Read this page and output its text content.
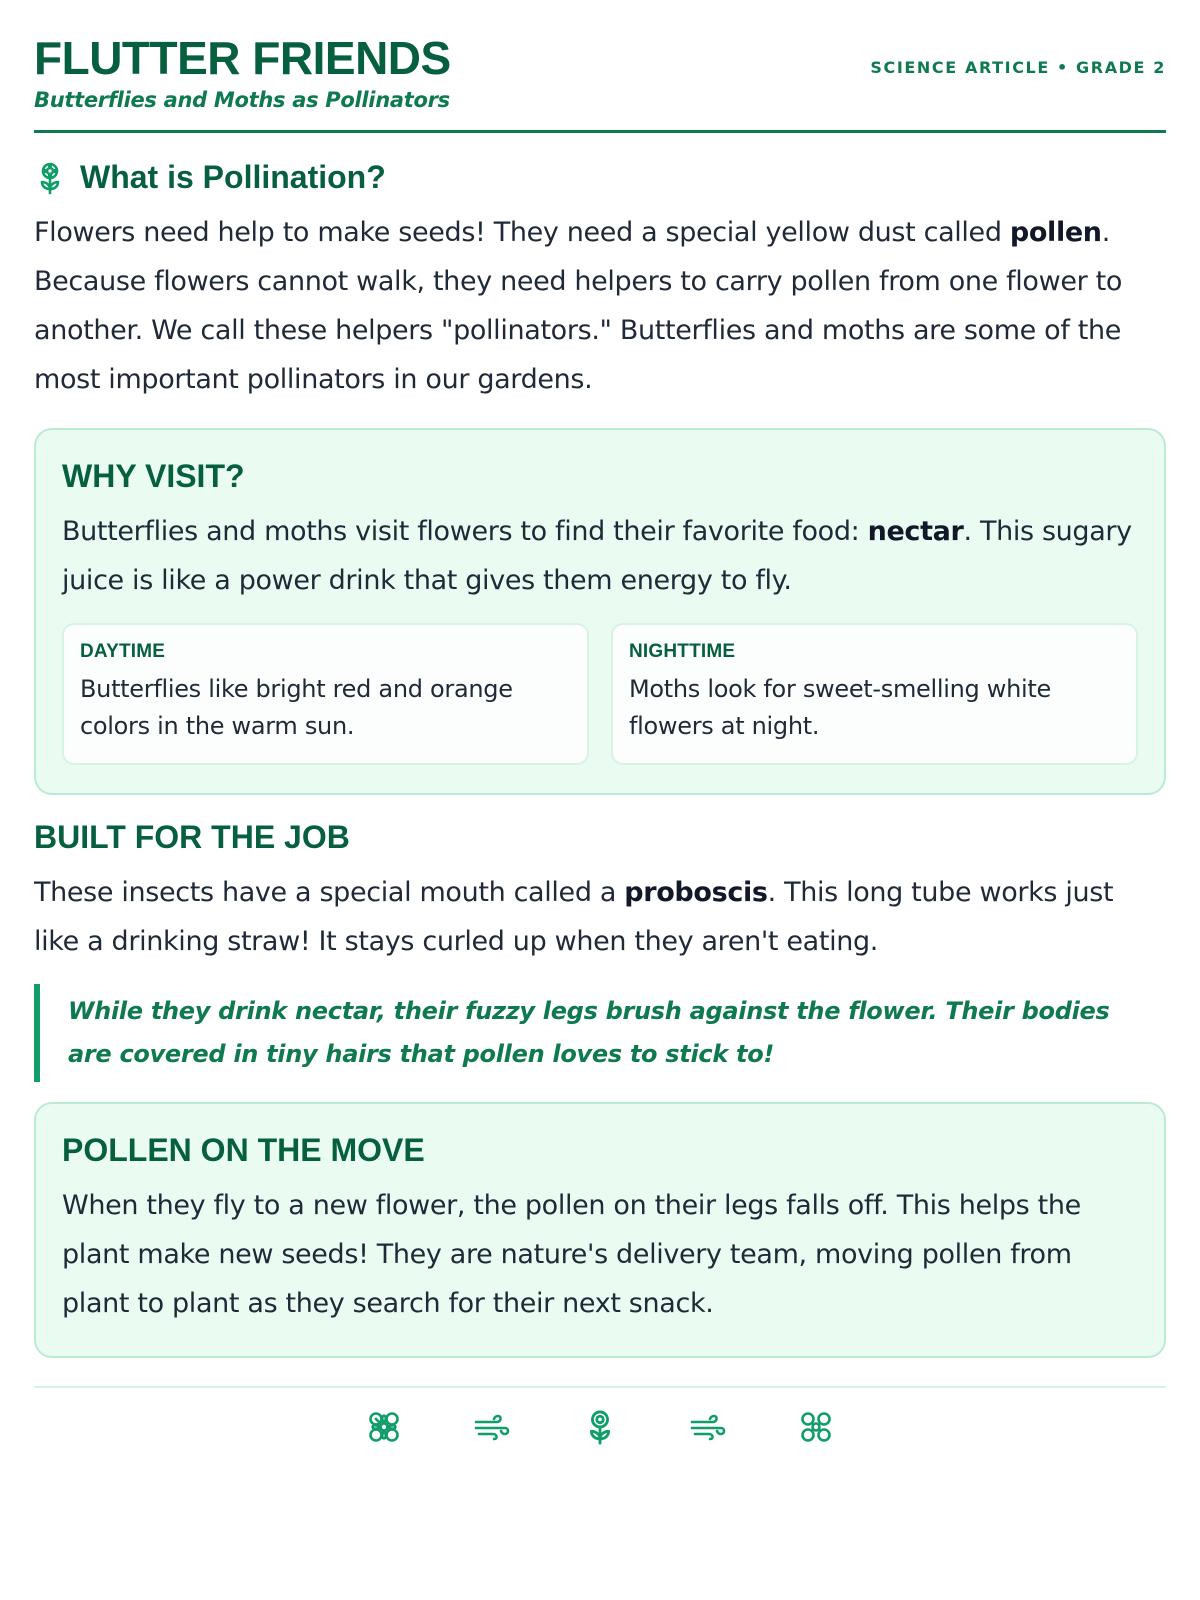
FLUTTER FRIENDS
Butterflies and Moths as Pollinators
SCIENCE ARTICLE • GRADE 2
What is Pollination?

Flowers need help to make seeds! They need a special yellow dust called pollen. Because flowers cannot walk, they need helpers to carry pollen from one flower to another. We call these helpers "pollinators." Butterflies and moths are some of the most important pollinators in our gardens.

WHY VISIT?

Butterflies and moths visit flowers to find their favorite food: nectar. This sugary juice is like a power drink that gives them energy to fly.

DAYTIME
Butterflies like bright red and orange colors in the warm sun.
NIGHTTIME
Moths look for sweet-smelling white flowers at night.
BUILT FOR THE JOB

These insects have a special mouth called a proboscis. This long tube works just like a drinking straw! It stays curled up when they aren't eating.

While they drink nectar, their fuzzy legs brush against the flower. Their bodies are covered in tiny hairs that pollen loves to stick to!
POLLEN ON THE MOVE

When they fly to a new flower, the pollen on their legs falls off. This helps the plant make new seeds! They are nature's delivery team, moving pollen from plant to plant as they search for their next snack.
